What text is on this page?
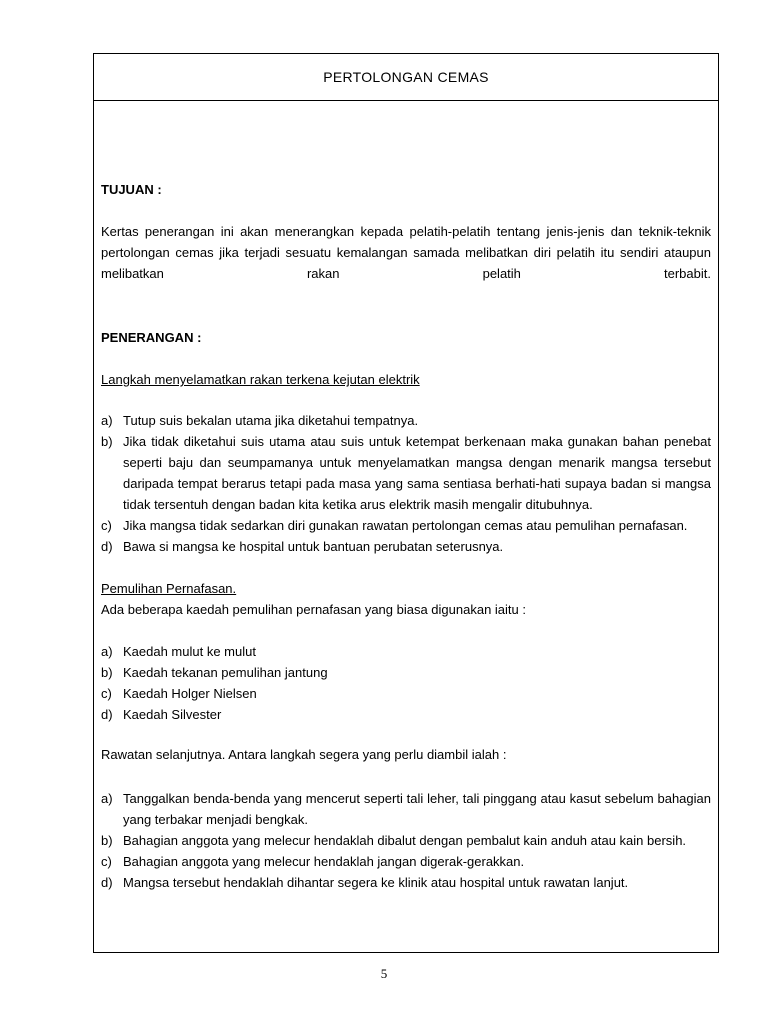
PERTOLONGAN CEMAS
TUJUAN :
Kertas penerangan ini akan menerangkan kepada pelatih-pelatih tentang jenis-jenis dan teknik-teknik pertolongan cemas jika terjadi sesuatu kemalangan samada melibatkan diri pelatih itu sendiri ataupun melibatkan rakan pelatih terbabit.
PENERANGAN :
Langkah menyelamatkan rakan terkena kejutan elektrik
a) Tutup suis bekalan utama jika diketahui tempatnya.
b) Jika tidak diketahui suis utama atau suis untuk ketempat berkenaan maka gunakan bahan penebat seperti baju dan seumpamanya untuk menyelamatkan mangsa dengan menarik mangsa tersebut daripada tempat berarus tetapi pada masa yang sama sentiasa berhati-hati supaya badan si mangsa tidak tersentuh dengan badan kita ketika arus elektrik masih mengalir ditubuhnya.
c) Jika mangsa tidak sedarkan diri gunakan rawatan pertolongan cemas atau pemulihan pernafasan.
d) Bawa si mangsa ke hospital untuk bantuan perubatan seterusnya.
Pemulihan Pernafasan.
Ada beberapa kaedah pemulihan pernafasan yang biasa digunakan iaitu :
a) Kaedah mulut ke mulut
b) Kaedah tekanan pemulihan jantung
c) Kaedah Holger Nielsen
d) Kaedah Silvester
Rawatan selanjutnya. Antara langkah segera yang perlu diambil ialah :
a) Tanggalkan benda-benda yang mencerut seperti tali leher, tali pinggang atau kasut sebelum bahagian yang terbakar menjadi bengkak.
b) Bahagian anggota yang melecur hendaklah dibalut dengan pembalut kain anduh atau kain bersih.
c) Bahagian anggota yang melecur hendaklah jangan digerak-gerakkan.
d) Mangsa tersebut hendaklah dihantar segera ke klinik atau hospital untuk rawatan lanjut.
5
